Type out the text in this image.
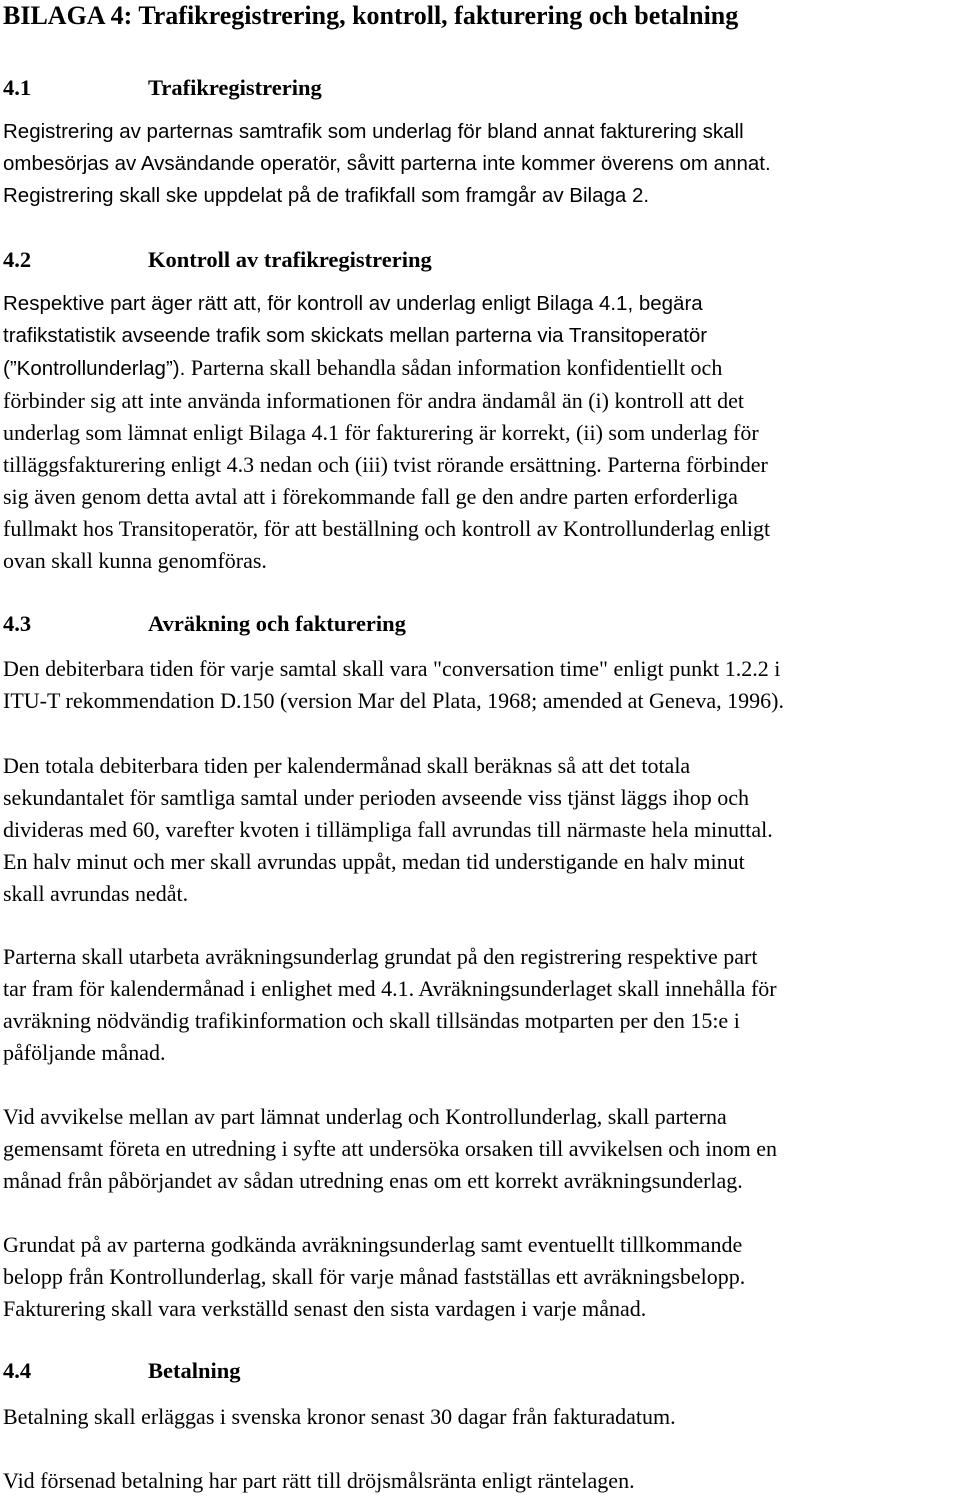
BILAGA 4: Trafikregistrering, kontroll, fakturering och betalning
4.1	Trafikregistrering
Registrering av parternas samtrafik som underlag för bland annat fakturering skall
ombesörjas av Avsändande operatör, såvitt parterna inte kommer överens om annat.
Registrering skall ske uppdelat på de trafikfall som framgår av Bilaga 2.
4.2	Kontroll av trafikregistrering
Respektive part äger rätt att, för kontroll av underlag enligt Bilaga 4.1, begära
trafikstatistik avseende trafik som skickats mellan parterna via Transitoperatör
(”Kontrollunderlag”). Parterna skall behandla sådan information konfidentiellt och
förbinder sig att inte använda informationen för andra ändamål än (i) kontroll att det
underlag som lämnat enligt Bilaga 4.1 för fakturering är korrekt, (ii) som underlag för
tilläggsfakturering enligt 4.3 nedan och (iii) tvist rörande ersättning. Parterna förbinder
sig även genom detta avtal att i förekommande fall ge den andre parten erforderliga
fullmakt hos Transitoperatör, för att beställning och kontroll av Kontrollunderlag enligt
ovan skall kunna genomföras.
4.3	Avräkning och fakturering
Den debiterbara tiden för varje samtal skall vara "conversation time" enligt punkt 1.2.2 i
ITU-T rekommendation D.150 (version Mar del Plata, 1968; amended at Geneva, 1996).
Den totala debiterbara tiden per kalendermånad skall beräknas så att det totala
sekundantalet för samtliga samtal under perioden avseende viss tjänst läggs ihop och
divideras med 60, varefter kvoten i tillämpliga fall avrundas till närmaste hela minuttal.
En halv minut och mer skall avrundas uppåt, medan tid understigande en halv minut
skall avrundas nedåt.
Parterna skall utarbeta avräkningsunderlag grundat på den registrering respektive part
tar fram för kalendermånad i enlighet med 4.1. Avräkningsunderlaget skall innehålla för
avräkning nödvändig trafikinformation och skall tillsändas motparten per den 15:e i
påföljande månad.
Vid avvikelse mellan av part lämnat underlag och Kontrollunderlag, skall parterna
gemensamt företa en utredning i syfte att undersöka orsaken till avvikelsen och inom en
månad från påbörjandet av sådan utredning enas om ett korrekt avräkningsunderlag.
Grundat på av parterna godkända avräkningsunderlag samt eventuellt tillkommande
belopp från Kontrollunderlag, skall för varje månad fastställas ett avräkningsbelopp.
Fakturering skall vara verkställd senast den sista vardagen i varje månad.
4.4	Betalning
Betalning skall erläggas i svenska kronor senast 30 dagar från fakturadatum.
Vid försenad betalning har part rätt till dröjsmålsränta enligt räntelagen.
